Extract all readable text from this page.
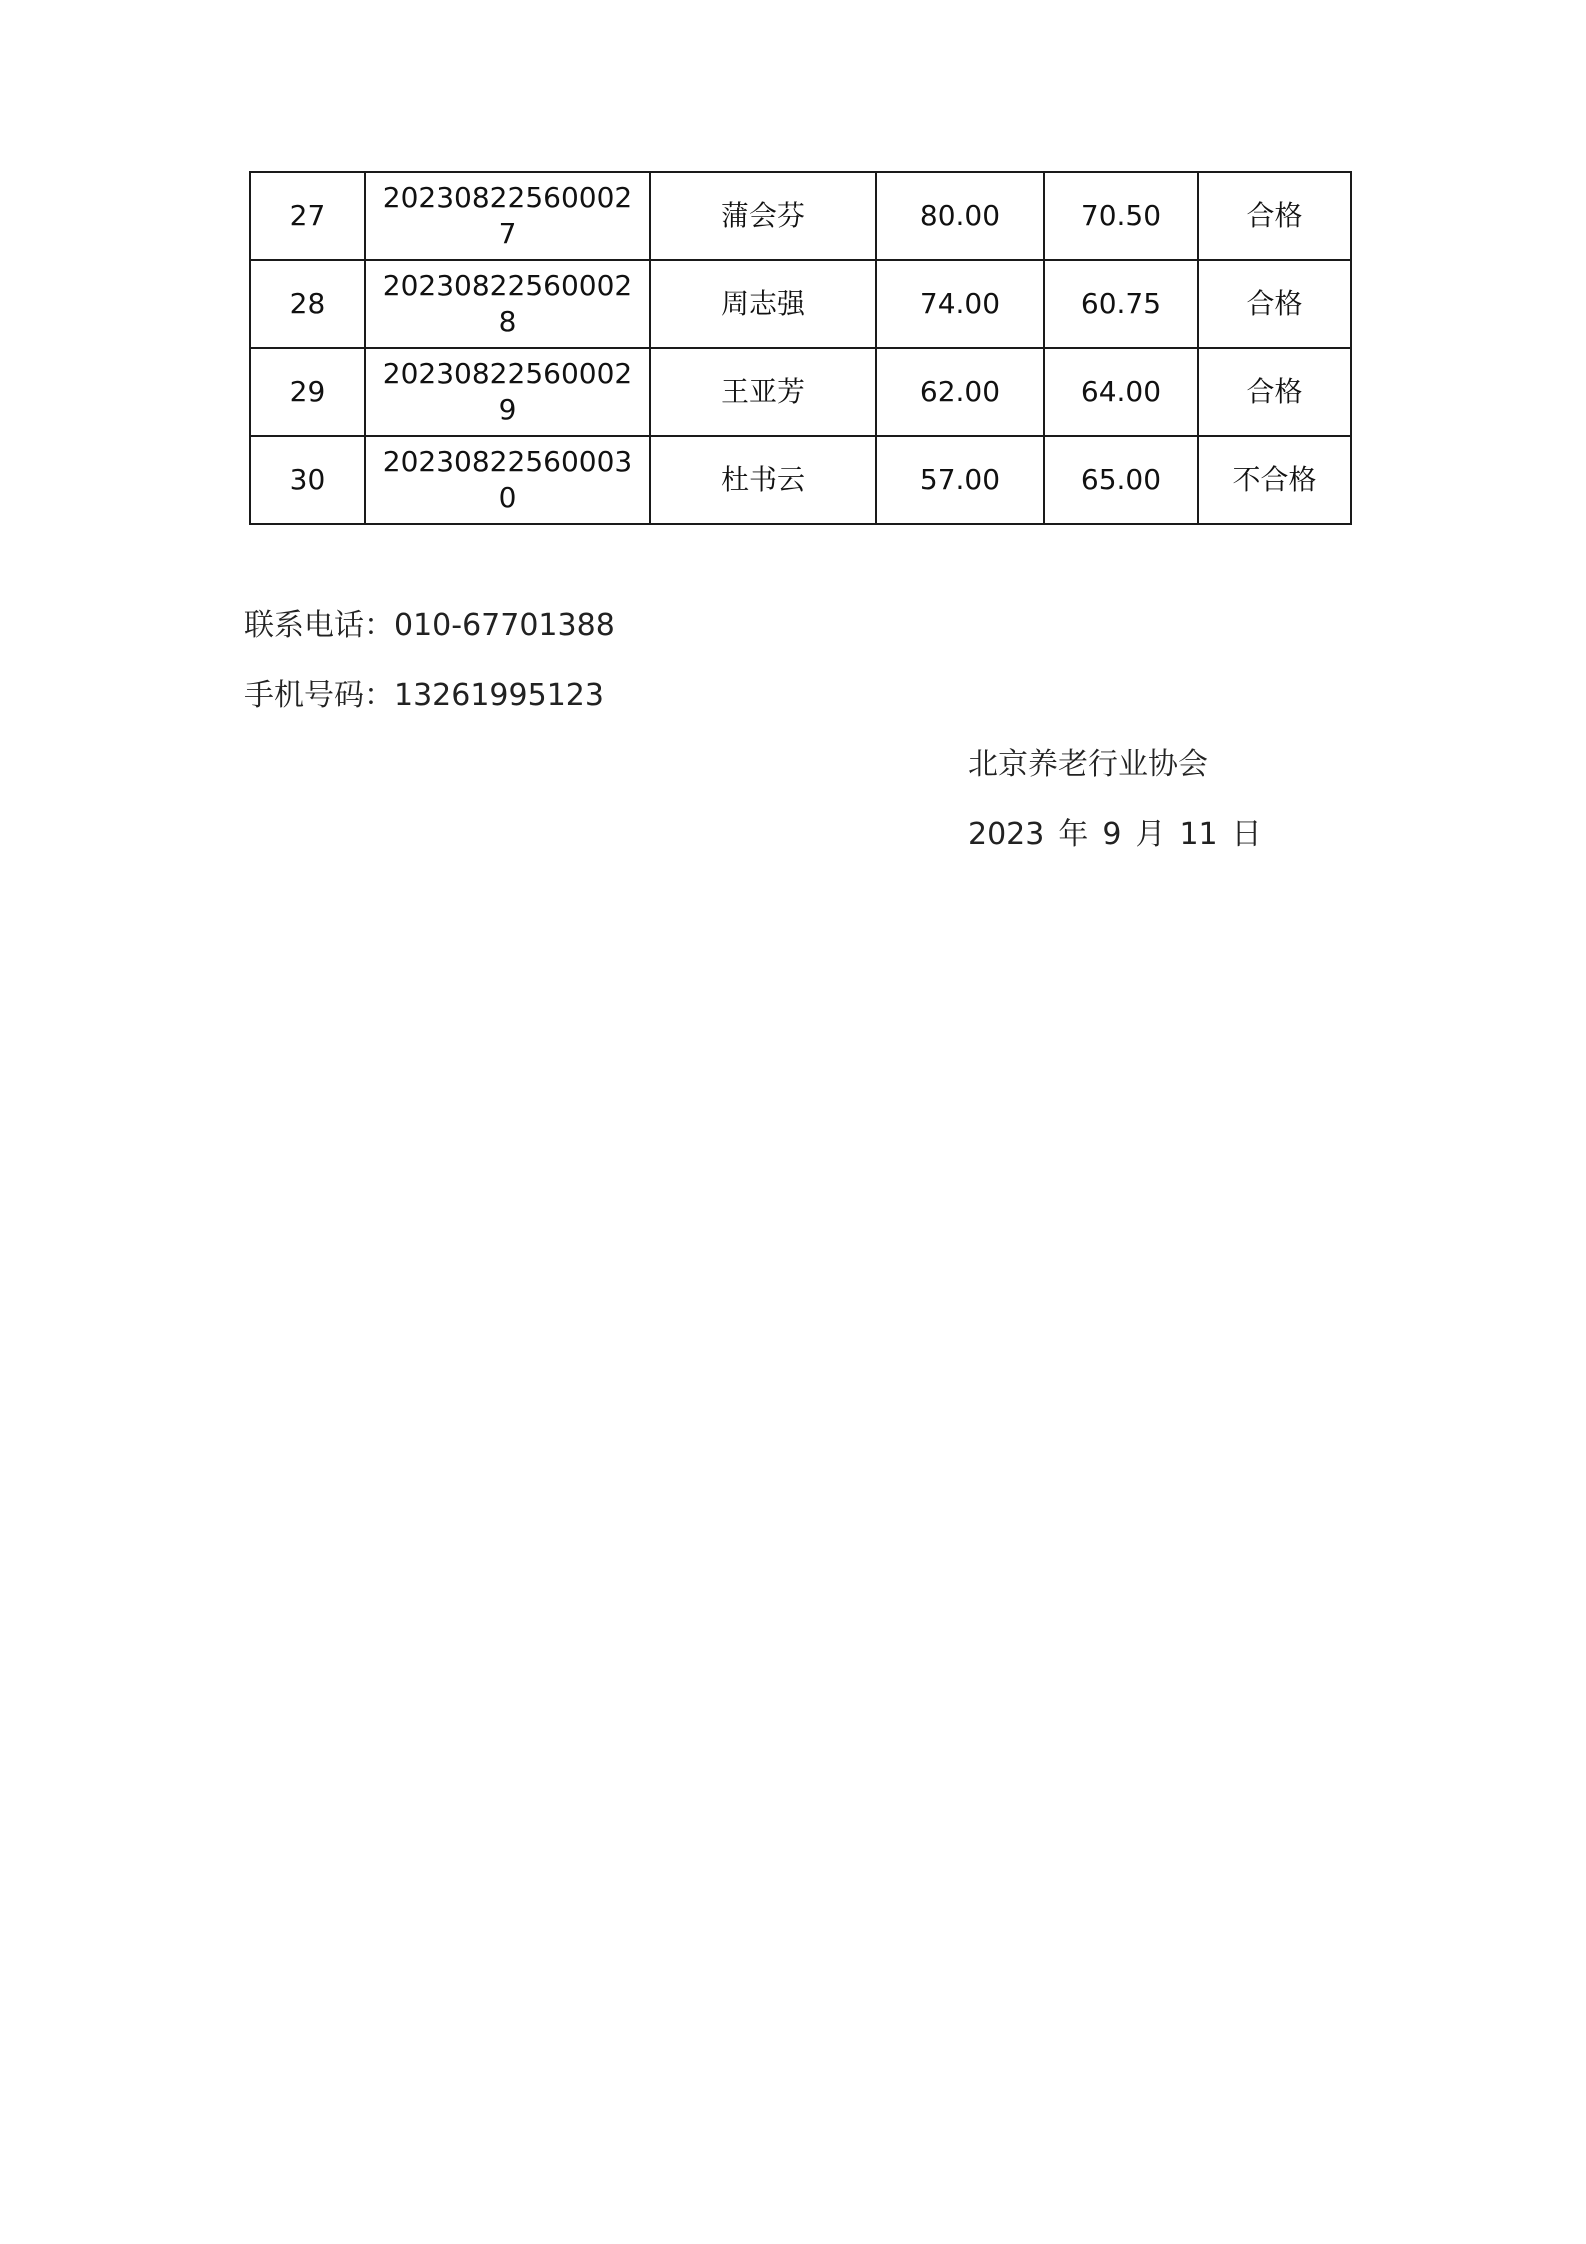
27	202308225600027	蒲会芬	80.00	70.50	合格
28	202308225600028	周志强	74.00	60.75	合格
29	202308225600029	王亚芳	62.00	64.00	合格
30	202308225600030	杜书云	57.00	65.00	不合格
联系电话：010-67701388
手机号码：13261995123
北京养老行业协会
2023 年 9 月 11 日
